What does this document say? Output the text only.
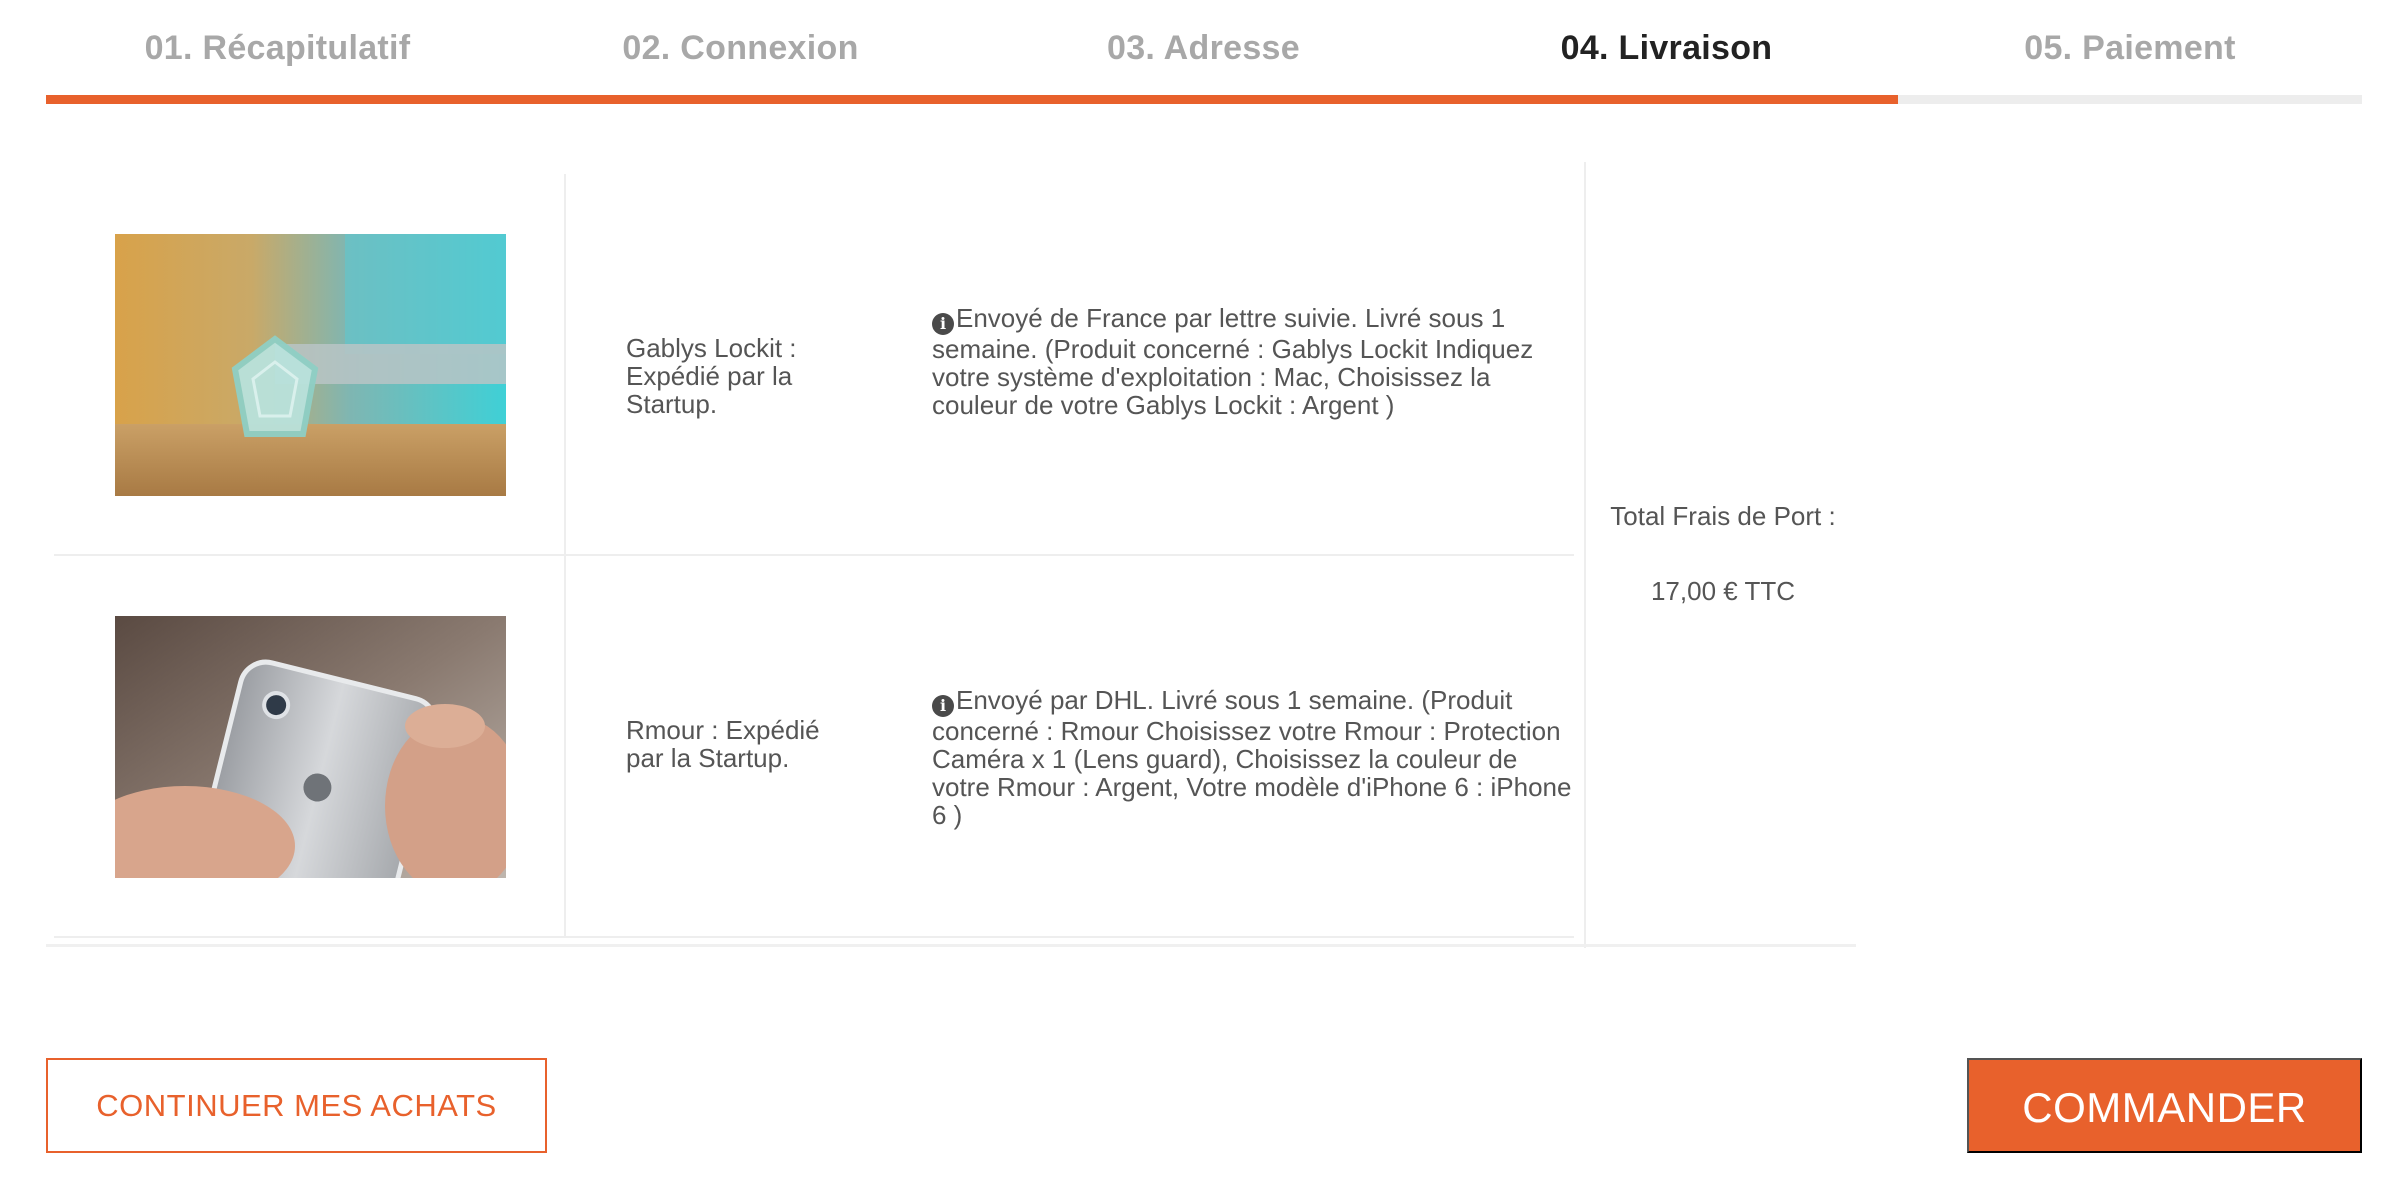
01. Récapitulatif	02. Connexion	03. Adresse	04. Livraison	05. Paiement
Gablys Lockit : Expédié par la Startup.
i Envoyé de France par lettre suivie. Livré sous 1 semaine. (Produit concerné : Gablys Lockit Indiquez votre système d'exploitation : Mac, Choisissez la couleur de votre Gablys Lockit : Argent )
Rmour : Expédié par la Startup.
i Envoyé par DHL. Livré sous 1 semaine. (Produit concerné : Rmour Choisissez votre Rmour : Protection Caméra x 1 (Lens guard), Choisissez la couleur de votre Rmour : Argent, Votre modèle d'iPhone 6 : iPhone 6 )
Total Frais de Port :
17,00 € TTC
CONTINUER MES ACHATS	COMMANDER
